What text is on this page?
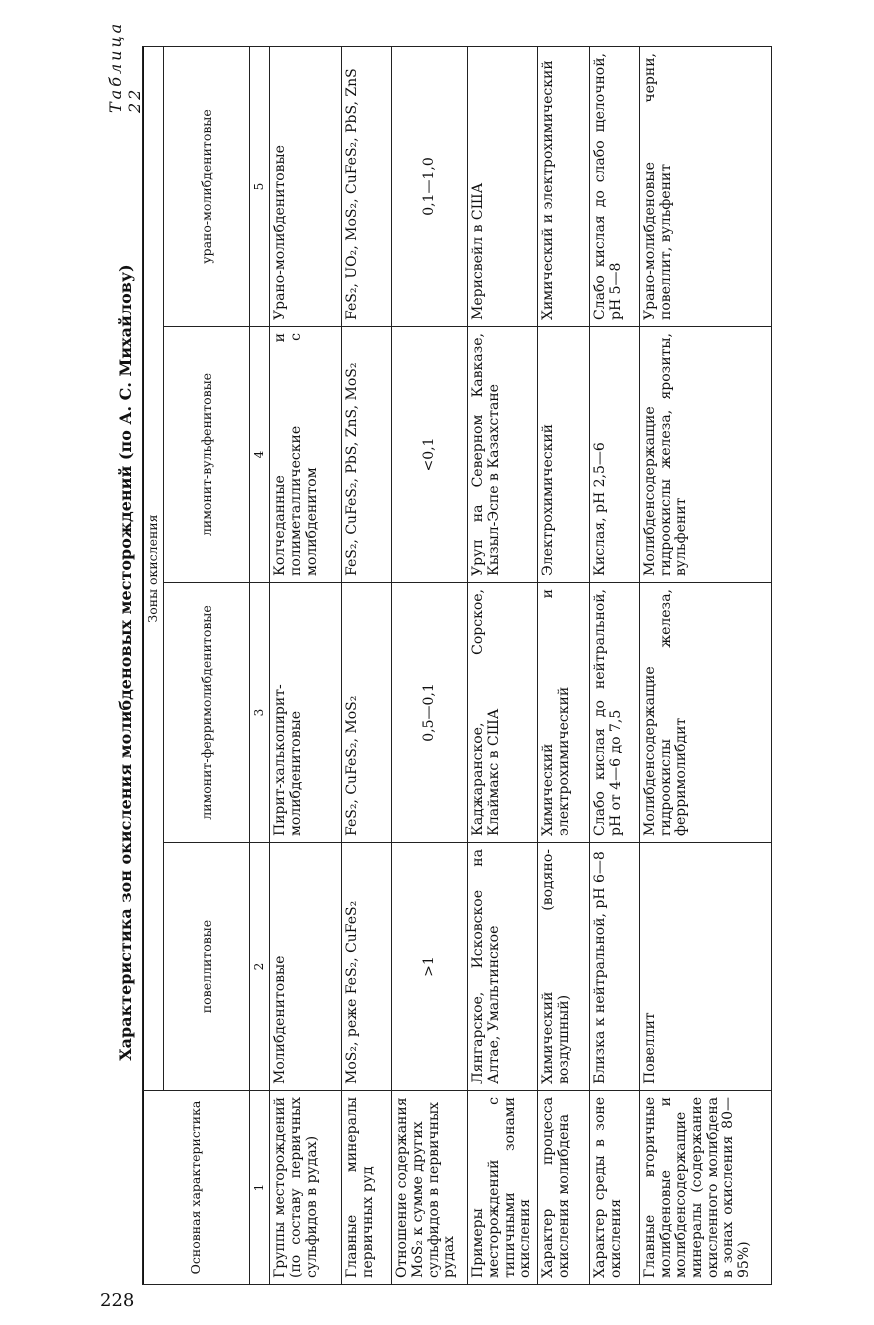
228
Таблица 22
Характеристика зон окисления молибденовых месторождений (по А. С. Михайлову)
Основная характеристика	Зоны окисления			
	повеллитовые	лимонит-ферримолибденитовые	лимонит-вульфенитовые	урано-молибденитовые
1	2	3	4	5
Группы месторождений (по составу первичных сульфидов в рудах)	Молибденитовые	Пирит-халькопирит-молибденитовые	Колчеданные и полиметаллические с молибденитом	Урано-молибденитовые
Главные минералы первичных руд	MoS₂, реже FeS₂, CuFeS₂	FeS₂, CuFeS₂, MoS₂	FeS₂, CuFeS₂, PbS, ZnS, MoS₂	FeS₂, UO₂, MoS₂, CuFeS₂, PbS, ZnS
Отношение содержания MoS₂ к сумме других сульфидов в первичных рудах	>1	0,5—0,1	<0,1	0,1—1,0
Примеры месторождений с типичными зонами окисления	Лянгарское, Исковское на Алтае, Умальтинское	Каджаранское, Сорское, Клаймакс в США	Уруп на Северном Кавказе, Кызыл-Эспе в Казахстане	Мерисвейл в США
Характер процесса окисления молибдена	Химический (водяно-воздушный)	Химический и электрохимический	Электрохимический	Химический и электрохимический
Характер среды в зоне окисления	Близка к нейтральной, pH 6—8	Слабо кислая до нейтральной, pH от 4—6 до 7,5	Кислая, pH 2,5—6	Слабо кислая до слабо щелочной, pH 5—8
Главные вторичные молибденовые и молибденсодержащие минералы (содержание окисленного молибдена в зонах окисления 80—95%)	Повеллит	Молибденсодержащие гидроокислы железа, ферримолибдит	Молибденсодержащие гидроокислы железа, ярозиты, вульфенит	Урано-молибденовые черни, повеллит, вульфенит
